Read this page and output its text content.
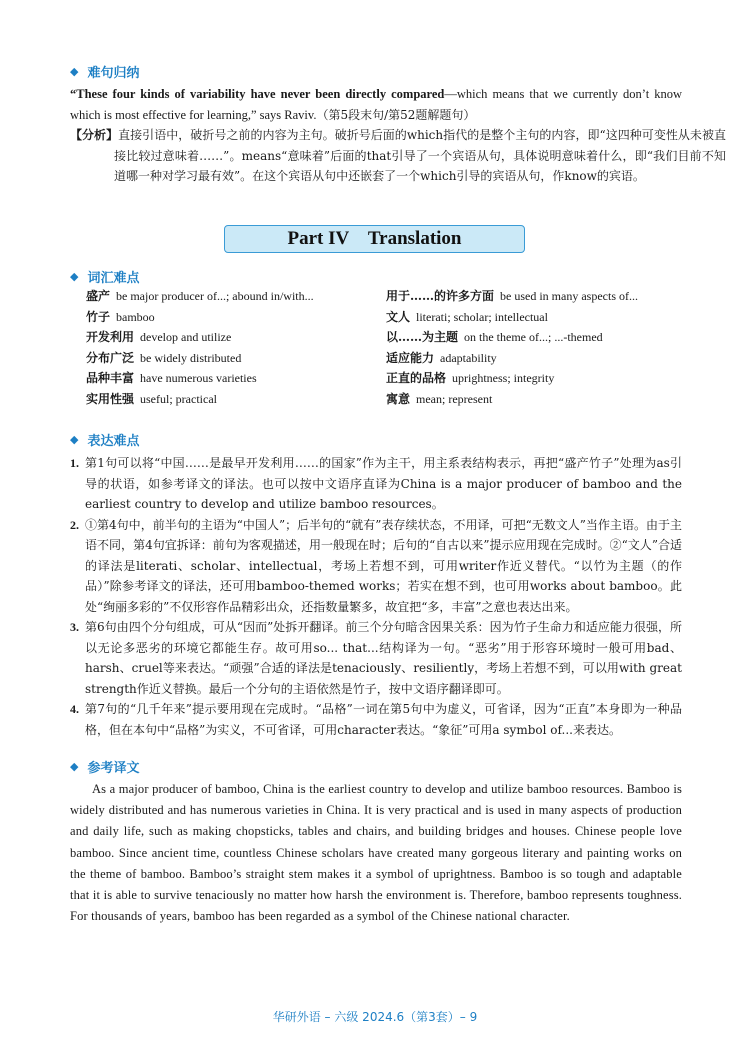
◆ 难句归纳
“These four kinds of variability have never been directly compared—which means that we currently don’t know which is most effective for learning,” says Raviv.（第5段末句/第52题解题句）
【分析】直接引语中，破折号之前的内容为主句。破折号后面的which指代的是整个主句的内容，即“这四种可变性从未被直接比较过意味着……”。means“意味着”后面的that引导了一个宾语从句，具体说明意味着什么，即“我们目前不知道哪一种对学习最有效”。在这个宾语从句中还嵌套了一个which引导的宾语从句，作know的宾语。
Part IV　Translation
◆ 词汇难点
盛产 be major producer of...; abound in/with...	用于……的许多方面 be used in many aspects of...
竹子 bamboo	文人 literati; scholar; intellectual
开发利用 develop and utilize	以……为主题 on the theme of...; ...-themed
分布广泛 be widely distributed	适应能力 adaptability
品种丰富 have numerous varieties	正直的品格 uprightness; integrity
实用性强 useful; practical	寓意 mean; represent
◆ 表达难点
1. 第1句可以将“中国……是最早开发利用……的国家”作为主干，用主系表结构表示，再把“盛产竹子”处理为as引导的状语，如参考译文的译法。也可以按中文语序直译为China is a major producer of bamboo and the earliest country to develop and utilize bamboo resources。
2. ①第4句中，前半句的主语为“中国人”；后半句的“就有”表存续状态，不用译，可把“无数文人”当作主语。由于主语不同，第4句宜拆译：前句为客观描述，用一般现在时；后句的“自古以来”提示应用现在完成时。②“文人”合适的译法是literati、scholar、intellectual，考场上若想不到，可用writer作近义替代。“以竹为主题（的作品）”除参考译文的译法，还可用bamboo-themed works；若实在想不到，也可用works about bamboo。此处“绚丽多彩的”不仅形容作品精彩出众，还指数量繁多，故宜把“多，丰富”之意也表达出来。
3. 第6句由四个分句组成，可从“因而”处拆开翻译。前三个分句暗含因果关系：因为竹子生命力和适应能力很强，所以无论多恶劣的环境它都能生存。故可用so... that...结构译为一句。“恶劣”用于形容环境时一般可用bad、harsh、cruel等来表达。“顽强”合适的译法是tenaciously、resiliently，考场上若想不到，可以用with great strength作近义替换。最后一个分句的主语依然是竹子，按中文语序翻译即可。
4. 第7句的“几千年来”提示要用现在完成时。“品格”一词在第5句中为虚义，可省译，因为“正直”本身即为一种品格，但在本句中“品格”为实义，不可省译，可用character表达。“象征”可用a symbol of...来表达。
◆ 参考译文
As a major producer of bamboo, China is the earliest country to develop and utilize bamboo resources. Bamboo is widely distributed and has numerous varieties in China. It is very practical and is used in many aspects of production and daily life, such as making chopsticks, tables and chairs, and building bridges and houses. Chinese people love bamboo. Since ancient time, countless Chinese scholars have created many gorgeous literary and painting works on the theme of bamboo. Bamboo’s straight stem makes it a symbol of uprightness. Bamboo is so tough and adaptable that it is able to survive tenaciously no matter how harsh the environment is. Therefore, bamboo represents toughness. For thousands of years, bamboo has been regarded as a symbol of the Chinese national character.
华研外语 – 六级 2024.6（第3套）– 9
